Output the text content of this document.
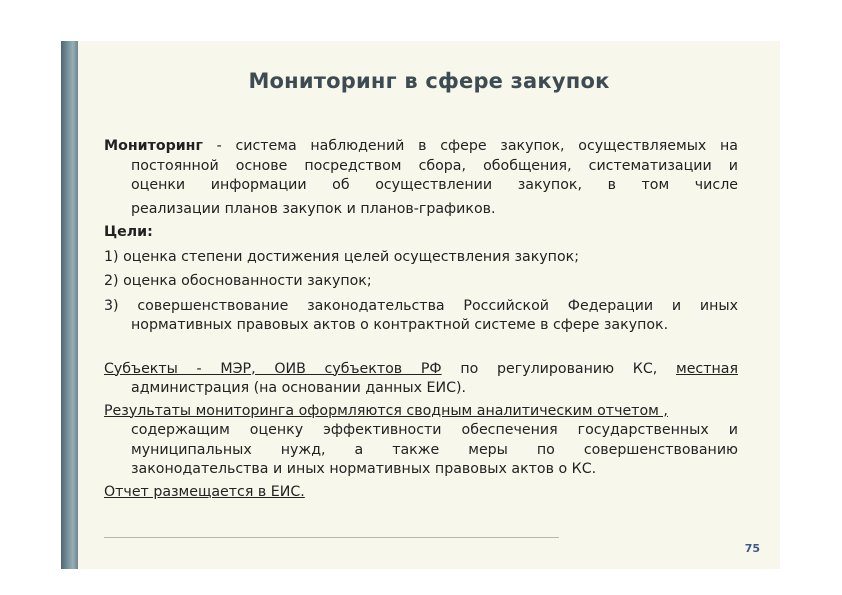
Мониторинг в сфере закупок

Мониторинг - система наблюдений в сфере закупок, осуществляемых на

постоянной основе посредством сбора, обобщения, систематизации и

оценки информации об осуществлении закупок, в том числе

реализации планов закупок и планов-графиков.

Цели:

1) оценка степени достижения целей осуществления закупок;

2) оценка обоснованности закупок;

3) совершенствование законодательства Российской Федерации и иных

нормативных правовых актов о контрактной системе в сфере закупок.

Субъекты - МЭР, ОИВ субъектов РФ по регулированию КС, местная

администрация (на основании данных ЕИС).

Результаты мониторинга оформляются сводным аналитическим отчетом ,

содержащим оценку эффективности обеспечения государственных и

муниципальных нужд, а также меры по совершенствованию

законодательства и иных нормативных правовых актов о КС.

Отчет размещается в ЕИС.

75
